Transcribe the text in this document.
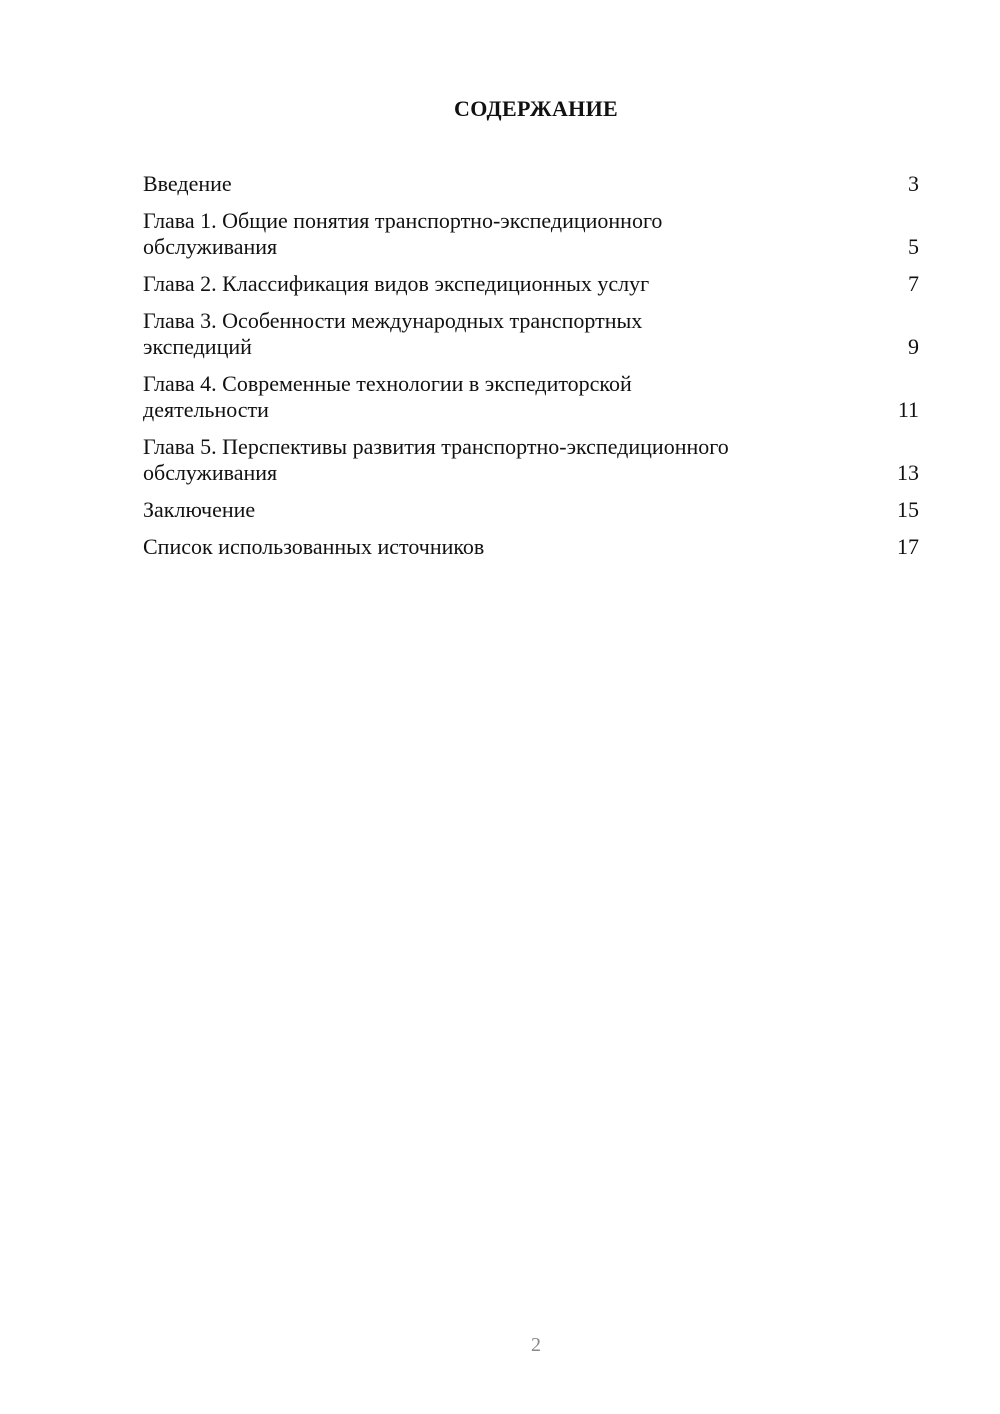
СОДЕРЖАНИЕ
Введение	3
Глава 1. Общие понятия транспортно-экспедиционного
обслуживания	5
Глава 2. Классификация видов экспедиционных услуг	7
Глава 3. Особенности международных транспортных
экспедиций	9
Глава 4. Современные технологии в экспедиторской
деятельности	11
Глава 5. Перспективы развития транспортно-экспедиционного
обслуживания	13
Заключение	15
Список использованных источников	17
2
